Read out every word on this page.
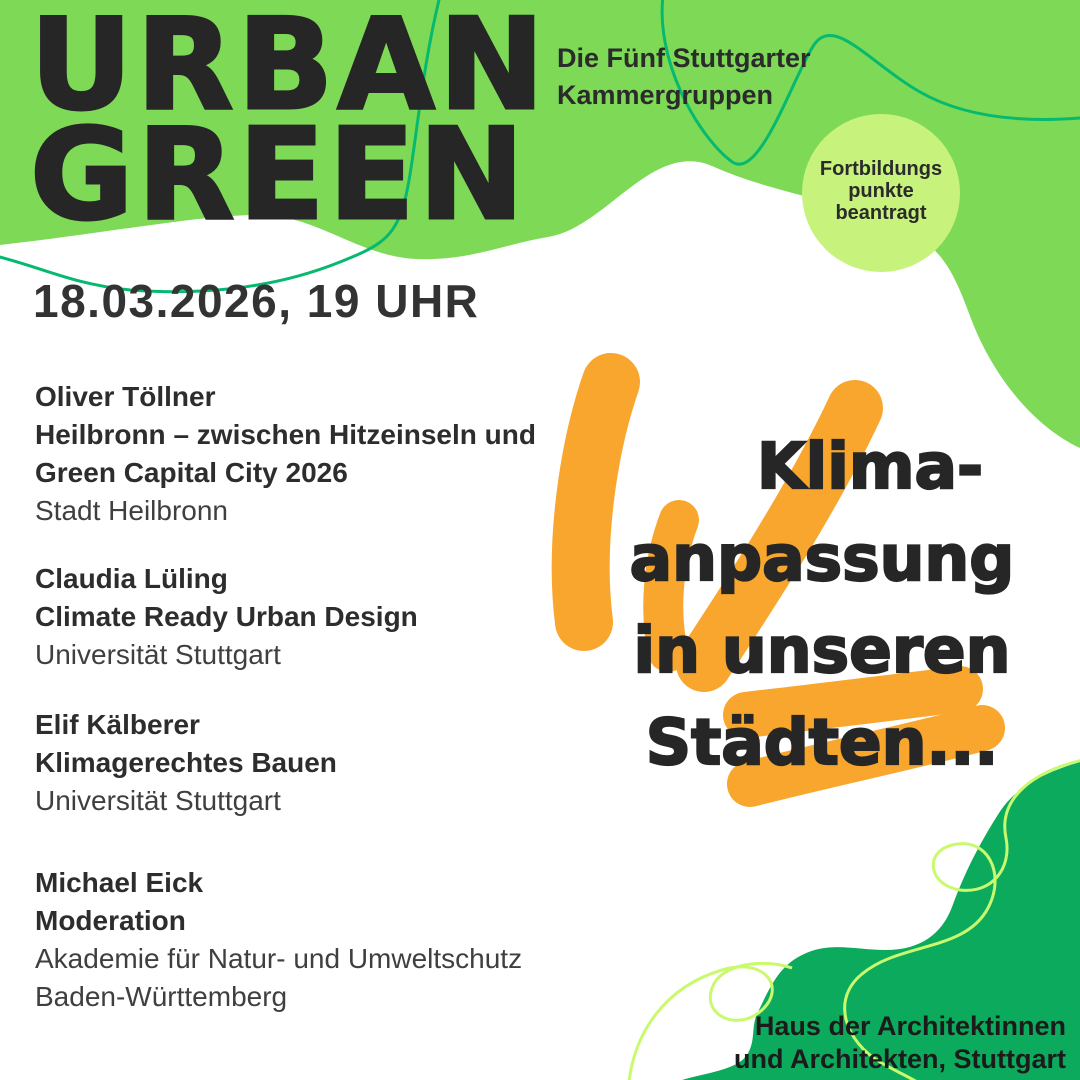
URBAN
GREEN
Die Fünf Stuttgarter
Kammergruppen
Fortbildungs
punkte
beantragt
18.03.2026, 19 UHR
Oliver Töllner
Heilbronn – zwischen Hitzeinseln und Green Capital City 2026
Stadt Heilbronn
Claudia Lüling
Climate Ready Urban Design
Universität Stuttgart
Elif Kälberer
Klimagerechtes Bauen
Universität Stuttgart
Michael Eick
Moderation
Akademie für Natur- und Umweltschutz Baden-Württemberg
Klima-
anpassung
in unseren
Städten...
Haus der Architektinnen
und Architekten, Stuttgart
